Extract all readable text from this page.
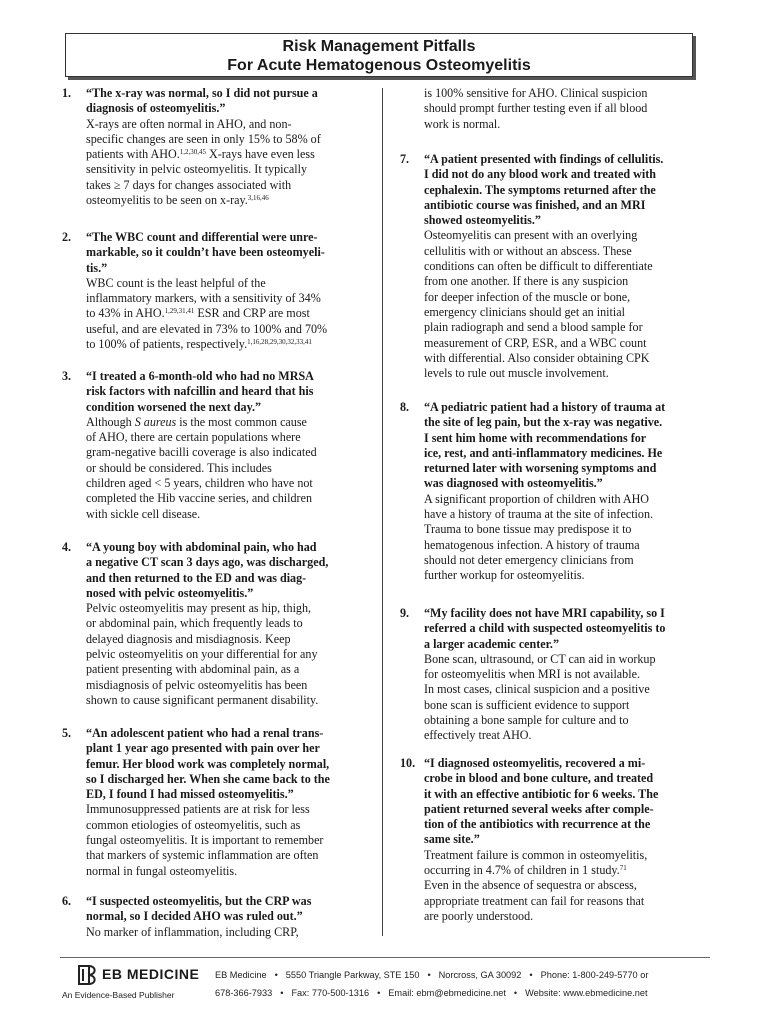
Risk Management Pitfalls
For Acute Hematogenous Osteomyelitis
1. “The x-ray was normal, so I did not pursue a
diagnosis of osteomyelitis.”
X-rays are often normal in AHO, and non-
specific changes are seen in only 15% to 58% of
patients with AHO.$^{1,2,30,45}$ X-rays have even less
sensitivity in pelvic osteomyelitis. It typically
takes ≥ 7 days for changes associated with
osteomyelitis to be seen on x-ray.$^{3,16,46}$
2. “The WBC count and differential were unre-
markable, so it couldn’t have been osteomyeli-
tis.”
WBC count is the least helpful of the
inflammatory markers, with a sensitivity of 34%
to 43% in AHO.$^{1,29,31,41}$ ESR and CRP are most
useful, and are elevated in 73% to 100% and 70%
to 100% of patients, respectively.$^{1,16,28,29,30,32,33,41}$
3. “I treated a 6-month-old who had no MRSA
risk factors with nafcillin and heard that his
condition worsened the next day.”
Although S aureus is the most common cause
of AHO, there are certain populations where
gram-negative bacilli coverage is also indicated
or should be considered. This includes
children aged < 5 years, children who have not
completed the Hib vaccine series, and children
with sickle cell disease.
4. “A young boy with abdominal pain, who had
a negative CT scan 3 days ago, was discharged,
and then returned to the ED and was diag-
nosed with pelvic osteomyelitis.”
Pelvic osteomyelitis may present as hip, thigh,
or abdominal pain, which frequently leads to
delayed diagnosis and misdiagnosis. Keep
pelvic osteomyelitis on your differential for any
patient presenting with abdominal pain, as a
misdiagnosis of pelvic osteomyelitis has been
shown to cause significant permanent disability.
5. “An adolescent patient who had a renal trans-
plant 1 year ago presented with pain over her
femur. Her blood work was completely normal,
so I discharged her. When she came back to the
ED, I found I had missed osteomyelitis.”
Immunosuppressed patients are at risk for less
common etiologies of osteomyelitis, such as
fungal osteomyelitis. It is important to remember
that markers of systemic inflammation are often
normal in fungal osteomyelitis.
6. “I suspected osteomyelitis, but the CRP was
normal, so I decided AHO was ruled out.”
No marker of inflammation, including CRP,
is 100% sensitive for AHO. Clinical suspicion
should prompt further testing even if all blood
work is normal.
7. “A patient presented with findings of cellulitis.
I did not do any blood work and treated with
cephalexin. The symptoms returned after the
antibiotic course was finished, and an MRI
showed osteomyelitis.”
Osteomyelitis can present with an overlying
cellulitis with or without an abscess. These
conditions can often be difficult to differentiate
from one another. If there is any suspicion
for deeper infection of the muscle or bone,
emergency clinicians should get an initial
plain radiograph and send a blood sample for
measurement of CRP, ESR, and a WBC count
with differential. Also consider obtaining CPK
levels to rule out muscle involvement.
8. “A pediatric patient had a history of trauma at
the site of leg pain, but the x-ray was negative.
I sent him home with recommendations for
ice, rest, and anti-inflammatory medicines. He
returned later with worsening symptoms and
was diagnosed with osteomyelitis.”
A significant proportion of children with AHO
have a history of trauma at the site of infection.
Trauma to bone tissue may predispose it to
hematogenous infection. A history of trauma
should not deter emergency clinicians from
further workup for osteomyelitis.
9. “My facility does not have MRI capability, so I
referred a child with suspected osteomyelitis to
a larger academic center.”
Bone scan, ultrasound, or CT can aid in workup
for osteomyelitis when MRI is not available.
In most cases, clinical suspicion and a positive
bone scan is sufficient evidence to support
obtaining a bone sample for culture and to
effectively treat AHO.
10. “I diagnosed osteomyelitis, recovered a mi-
crobe in blood and bone culture, and treated
it with an effective antibiotic for 6 weeks. The
patient returned several weeks after comple-
tion of the antibiotics with recurrence at the
same site.”
Treatment failure is common in osteomyelitis,
occurring in 4.7% of children in 1 study.$^{71}$
Even in the absence of sequestra or abscess,
appropriate treatment can fail for reasons that
are poorly understood.
EB MEDICINE
An Evidence-Based Publisher
EB Medicine • 5550 Triangle Parkway, STE 150 • Norcross, GA 30092 • Phone: 1-800-249-5770 or
678-366-7933 • Fax: 770-500-1316 • Email: ebm@ebmedicine.net • Website: www.ebmedicine.net
